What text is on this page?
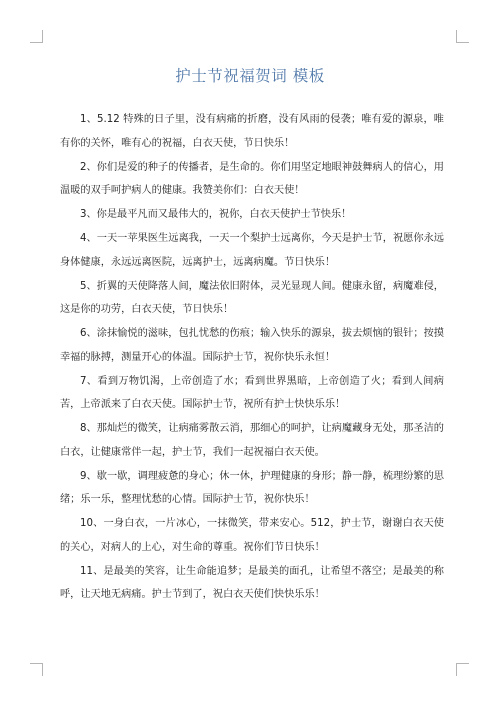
护士节祝福贺词 模板

1、5.12 特殊的日子里，没有病痛的折磨，没有风雨的侵袭；唯有爱的源泉，唯有你的关怀，唯有心的祝福，白衣天使，节日快乐！

2、你们是爱的种子的传播者，是生命的。你们用坚定地眼神鼓舞病人的信心，用温暖的双手呵护病人的健康。我赞美你们：白衣天使！

3、你是最平凡而又最伟大的，祝你，白衣天使护士节快乐！

4、一天一苹果医生远离我，一天一个梨护士远离你，今天是护士节，祝愿你永远身体健康，永远远离医院，远离护士，远离病魔。节日快乐！

5、折翼的天使降落人间，魔法依旧附体，灵光显现人间。健康永留，病魔难侵，这是你的功劳，白衣天使，节日快乐！

6、涂抹愉悦的滋味，包扎忧愁的伤痕；输入快乐的源泉，拔去烦恼的银针；按摸幸福的脉搏，测量开心的体温。国际护士节，祝你快乐永恒！

7、看到万物饥渴，上帝创造了水；看到世界黑暗，上帝创造了火；看到人间病苦，上帝派来了白衣天使。国际护士节，祝所有护士快快乐乐！

8、那灿烂的微笑，让病痛雾散云消，那细心的呵护，让病魔藏身无处，那圣洁的白衣，让健康常伴一起，护士节，我们一起祝福白衣天使。

9、歇一歇，调理疲惫的身心；休一休，护理健康的身形；静一静，梳理纷繁的思绪；乐一乐，整理忧愁的心情。国际护士节，祝你快乐！

10、一身白衣，一片冰心，一抹微笑，带来安心。512，护士节，谢谢白衣天使的关心，对病人的上心，对生命的尊重。祝你们节日快乐！

11、是最美的笑容，让生命能追梦；是最美的面孔，让希望不落空；是最美的称呼，让天地无病痛。护士节到了，祝白衣天使们快快乐乐！
